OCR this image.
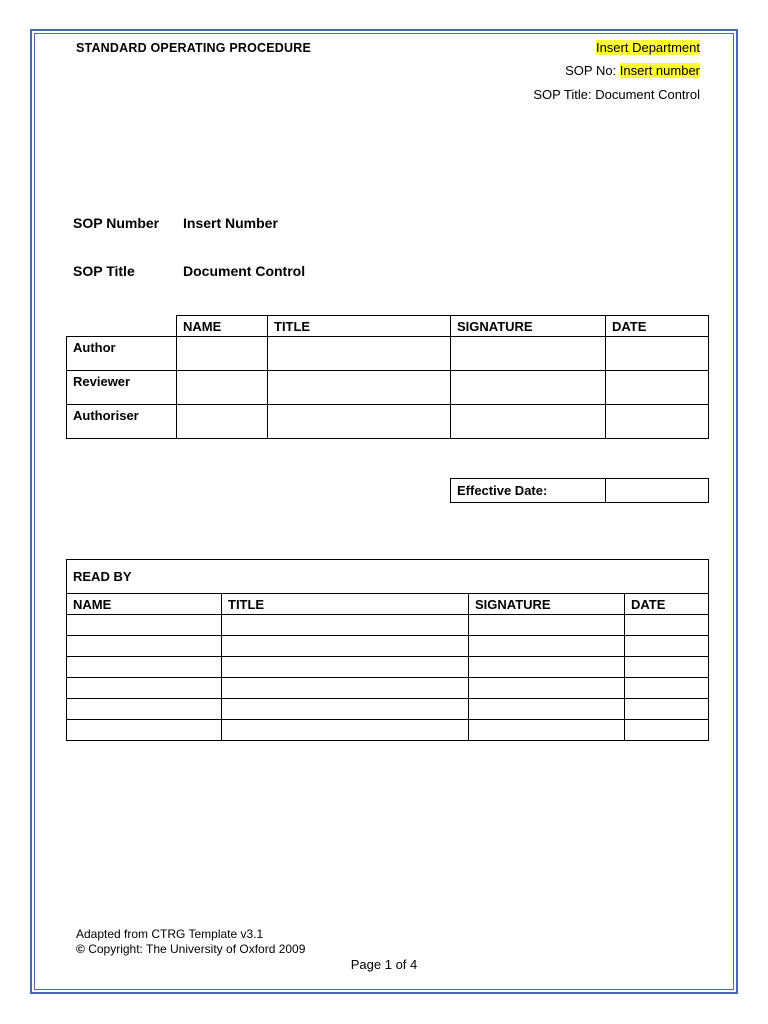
STANDARD OPERATING PROCEDURE	Insert Department
SOP No: Insert number
SOP Title: Document Control
SOP Number Insert Number
SOP Title	Document Control
	NAME	TITLE	SIGNATURE	DATE
Author				
Reviewer				
Authoriser				
Effective Date:	
READ BY			
NAME	TITLE	SIGNATURE	DATE

Adapted from CTRG Template v3.1
© Copyright: The University of Oxford 2009
Page 1 of 4
